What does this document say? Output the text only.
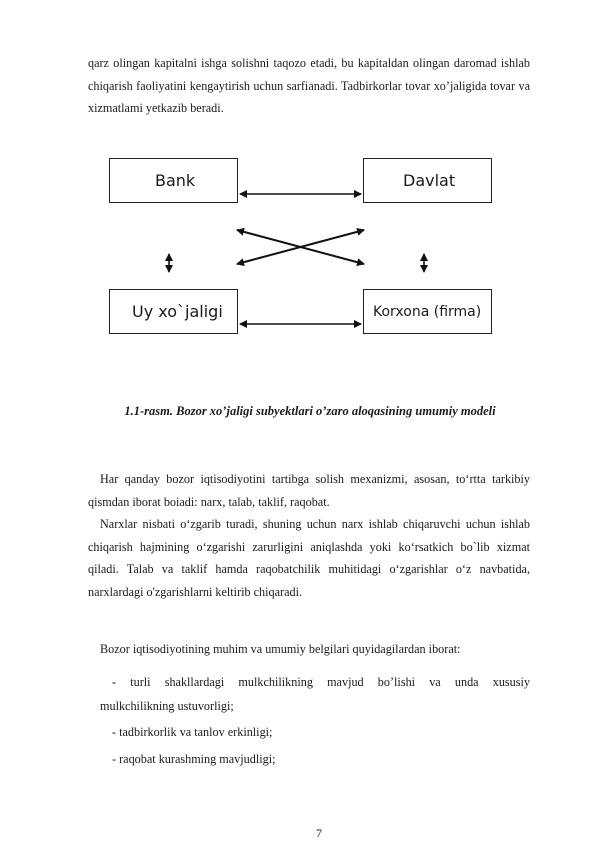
qarz olingan kapitalni ishga solishni taqozo etadi, bu kapitaldan olingan daromad ishlab chiqarish faoliyatini kengaytirish uchun sarfianadi. Tadbirkorlar tovar xo’jaligida tovar va xizmatlami yetkazib beradi.

Bank	Davlat
Uy xo`jaligi	Korxona (firma)
1.1-rasm. Bozor xo’jaligi subyektlari o’zaro aloqasining umumiy modeli

Har qanday bozor iqtisodiyotini tartibga solish mexanizmi, asosan, to‘rtta tarkibiy qismdan iborat boiadi: narx, talab, taklif, raqobat.

Narxlar nisbati o‘zgarib turadi, shuning uchun narx ishlab chiqaruvchi uchun ishlab chiqarish hajmining o‘zgarishi zarurligini aniqlashda yoki ko‘rsatkich bo`lib xizmat qiladi. Talab va taklif hamda raqobatchilik muhitidagi o‘zgarishlar o‘z navbatida, narxlardagi o'zgarishlarni keltirib chiqaradi.

Bozor iqtisodiyotining muhim va umumiy belgilari quyidagilardan iborat:
- turli shakllardagi mulkchilikning mavjud bo’lishi va unda xususiy
mulkchilikning ustuvorligi;
- tadbirkorlik va tanlov erkinligi;
- raqobat kurashming mavjudligi;
7
